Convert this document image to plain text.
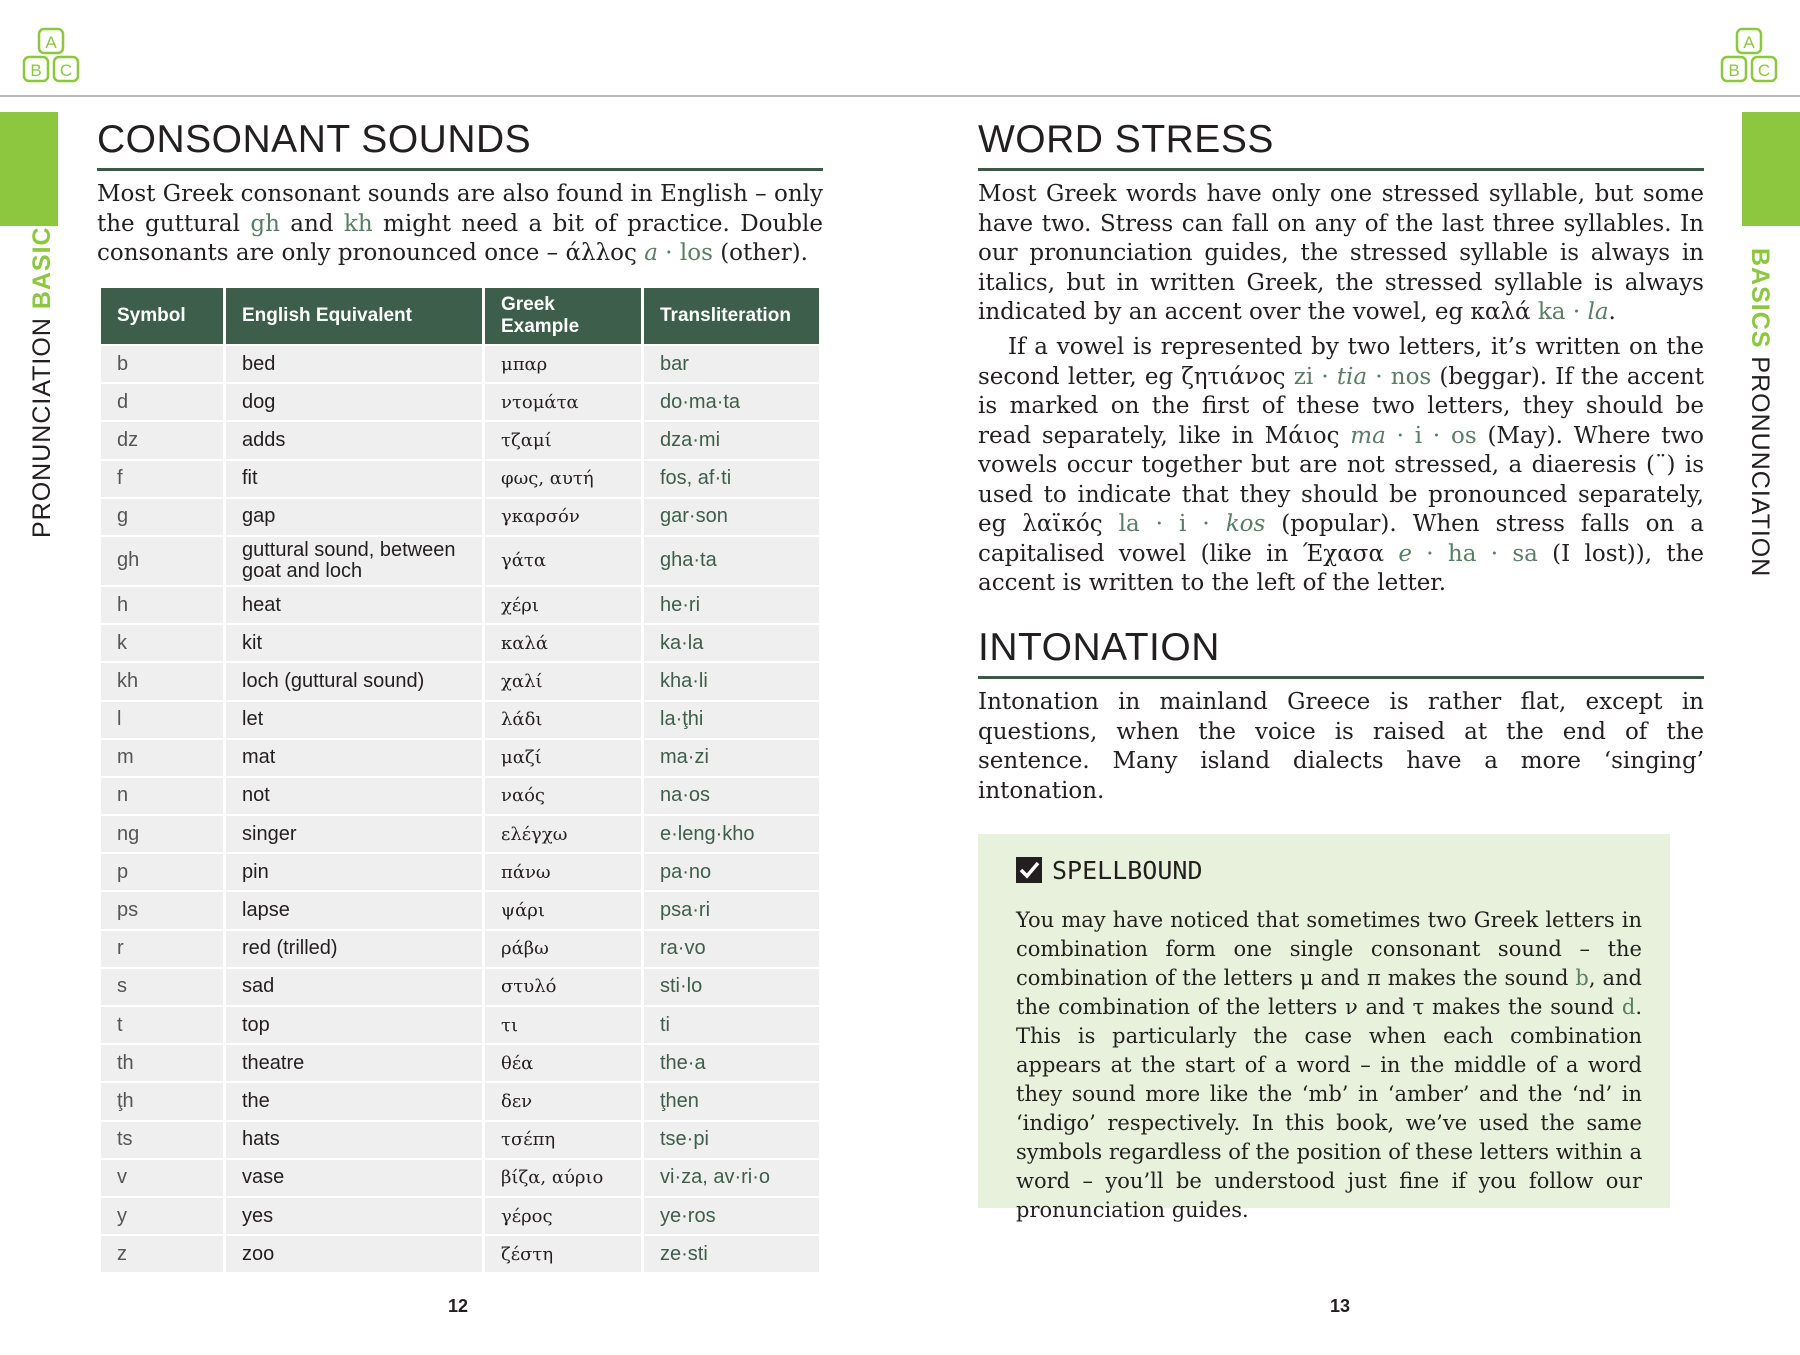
A
B C
A
B C
PRONUNCIATION BASICS	BASICS PRONUNCIATION
CONSONANT SOUNDS

Most Greek consonant sounds are also found in English – only the guttural gh and kh might need a bit of practice. Double consonants are only pronounced once – άλλος a · los (other).

Symbol	English Equivalent	Greek Example	Transliteration
b	bed	μπαρ	bar
d	dog	ντομάτα	do·ma·ta
dz	adds	τζαμί	dza·mi
f	fit	φως, αυτή	fos, af·ti
g	gap	γκαρσόν	gar·son
gh	guttural sound, between goat and loch	γάτα	gha·ta
h	heat	χέρι	he·ri
k	kit	καλά	ka·la
kh	loch (guttural sound)	χαλί	kha·li
l	let	λάδι	la·ţhi
m	mat	μαζί	ma·zi
n	not	ναός	na·os
ng	singer	ελέγχω	e·leng·kho
p	pin	πάνω	pa·no
ps	lapse	ψάρι	psa·ri
r	red (trilled)	ράβω	ra·vo
s	sad	στυλό	sti·lo
t	top	τι	ti
th	theatre	θέα	the·a
ţh	the	δεν	ţhen
ts	hats	τσέπη	tse·pi
v	vase	βίζα, αύριο	vi·za, av·ri·o
y	yes	γέρος	ye·ros
z	zoo	ζέστη	ze·sti
12
WORD STRESS

Most Greek words have only one stressed syllable, but some have two. Stress can fall on any of the last three syllables. In our pronunciation guides, the stressed syllable is always in italics, but in written Greek, the stressed syllable is always indicated by an accent over the vowel, eg καλά ka · la.

If a vowel is represented by two letters, it’s written on the second letter, eg ζητιάνος zi · tia · nos (beggar). If the accent is marked on the first of these two letters, they should be read separately, like in Μάιος ma · i · os (May). Where two vowels occur together but are not stressed, a diaeresis (¨) is used to indicate that they should be pronounced separately, eg λαϊκός la · i · kos (popular). When stress falls on a capitalised vowel (like in Έχασα e · ha · sa (I lost)), the accent is written to the left of the letter.

INTONATION

Intonation in mainland Greece is rather flat, except in questions, when the voice is raised at the end of the sentence. Many island dialects have a more ‘singing’ intonation.

SPELLBOUND

You may have noticed that sometimes two Greek letters in combination form one single consonant sound – the combination of the letters μ and π makes the sound b, and the combination of the letters ν and τ makes the sound d. This is particularly the case when each combination appears at the start of a word – in the middle of a word they sound more like the ‘mb’ in ‘amber’ and the ‘nd’ in ‘indigo’ respectively. In this book, we’ve used the same symbols regardless of the position of these letters within a word – you’ll be understood just fine if you follow our pronunciation guides.

13
